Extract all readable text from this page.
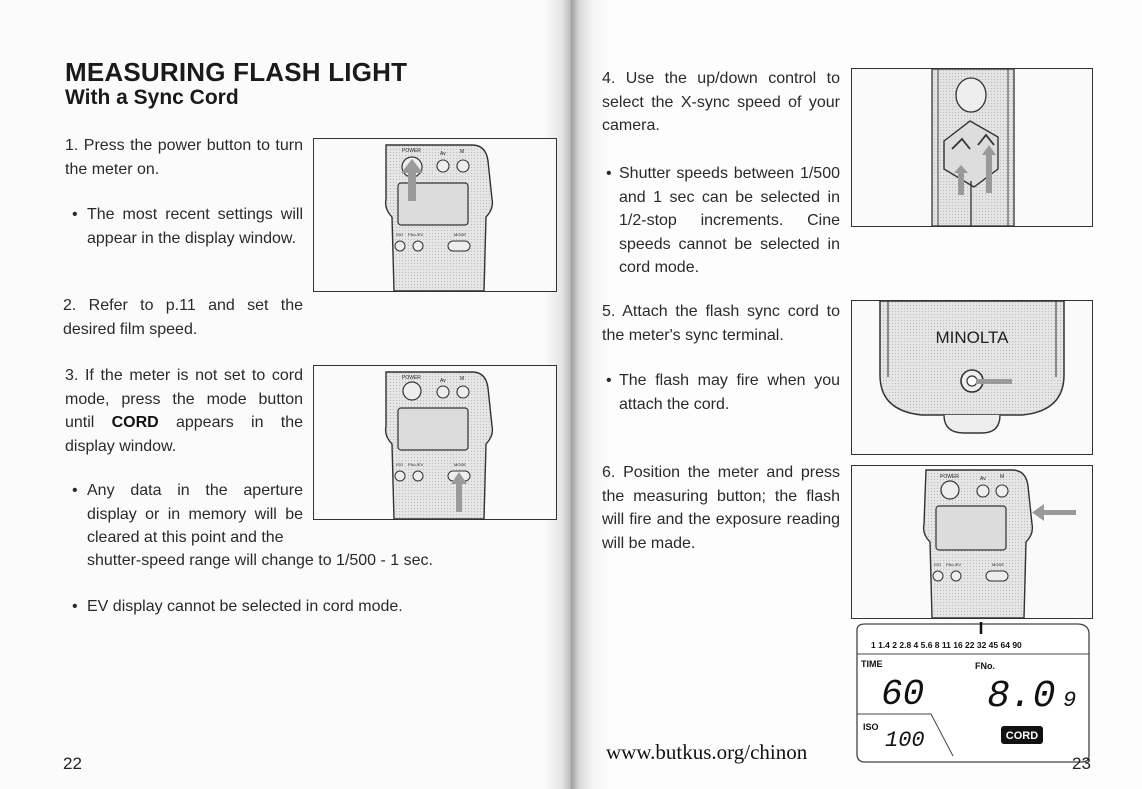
MEASURING FLASH LIGHT
With a Sync Cord

1. Press the power button to turn the meter on.

• The most recent settings will appear in the display window.

2. Refer to p.11 and set the desired film speed.

3. If the meter is not set to cord mode, press the mode button until CORD appears in the display window.

• Any data in the aperture display or in memory will be cleared at this point and the

shutter-speed range will change to 1/500 - 1 sec.

• EV display cannot be selected in cord mode.
POWER	Av	M
ISO FNo./EV	MODE
POWER	Av	M
ISO FNo./EV	MODE
22

4. Use the up/down control to select the X-sync speed of your camera.

• Shutter speeds between 1/500 and 1 sec can be selected in 1/2-stop increments. Cine speeds cannot be selected in cord mode.

5. Attach the flash sync cord to the meter's sync terminal.

• The flash may fire when you attach the cord.

6. Position the meter and press the measuring button; the flash will fire and the exposure reading will be made.

MINOLTA
POWER	Av	M
ISO FNo./EV	MODE
1 1.4 2 2.8 4 5.6 8 11 16 22 32 45 64 90
TIME	FNo.
60 8.0 9
ISO
100	CORD
www.butkus.org/chinon	23
